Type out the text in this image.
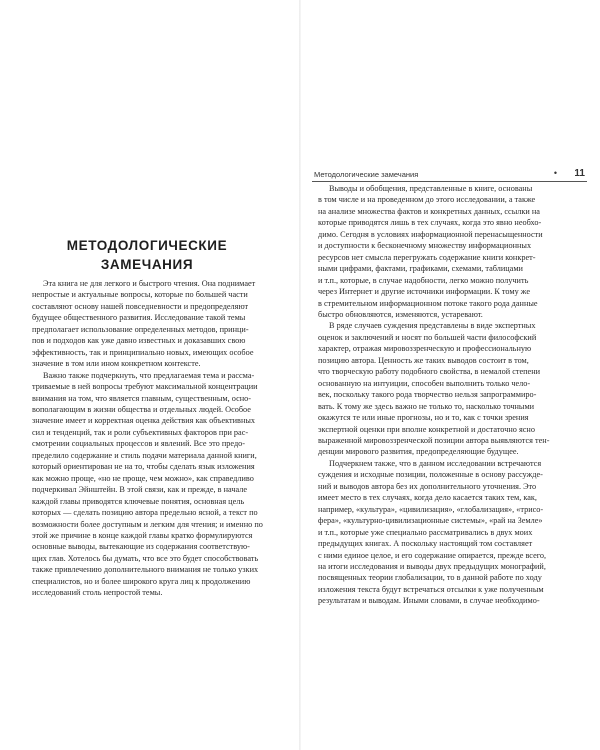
МЕТОДОЛОГИЧЕСКИЕ
ЗАМЕЧАНИЯ
Эта книга не для легкого и быстрого чтения. Она поднимает
непростые и актуальные вопросы, которые по большей части
составляют основу нашей повседневности и предопределяют
будущее общественного развития. Исследование такой темы
предполагает использование определенных методов, принци-
пов и подходов как уже давно известных и доказавших свою
эффективность, так и принципиально новых, имеющих особое
значение в том или ином конкретном контексте.
Важно также подчеркнуть, что предлагаемая тема и рассма-
триваемые в ней вопросы требуют максимальной концентрации
внимания на том, что является главным, существенным, осно-
вополагающим в жизни общества и отдельных людей. Особое
значение имеет и корректная оценка действия как объективных
сил и тенденций, так и роли субъективных факторов при рас-
смотрении социальных процессов и явлений. Все это предо-
пределило содержание и стиль подачи материала данной книги,
который ориентирован не на то, чтобы сделать язык изложения
как можно проще, «но не проще, чем можно», как справедливо
подчеркивал Эйнштейн. В этой связи, как и прежде, в начале
каждой главы приводятся ключевые понятия, основная цель
которых — сделать позицию автора предельно ясной, а текст по
возможности более доступным и легким для чтения; и именно по
этой же причине в конце каждой главы кратко формулируются
основные выводы, вытекающие из содержания соответствую-
щих глав. Хотелось бы думать, что все это будет способствовать
также привлечению дополнительного внимания не только узких
специалистов, но и более широкого круга лиц к продолжению
исследований столь непростой темы.
Методологические замечания	• 11
Выводы и обобщения, представленные в книге, основаны
в том числе и на проведенном до этого исследовании, а также
на анализе множества фактов и конкретных данных, ссылки на
которые приводятся лишь в тех случаях, когда это явно необхо-
димо. Сегодня в условиях информационной перенасыщенности
и доступности к бесконечному множеству информационных
ресурсов нет смысла перегружать содержание книги конкрет-
ными цифрами, фактами, графиками, схемами, таблицами
и т.п., которые, в случае надобности, легко можно получить
через Интернет и другие источники информации. К тому же
в стремительном информационном потоке такого рода данные
быстро обновляются, изменяются, устаревают.
В ряде случаев суждения представлены в виде экспертных
оценок и заключений и носят по большей части философский
характер, отражая мировоззренческую и профессиональную
позицию автора. Ценность же таких выводов состоит в том,
что творческую работу подобного свойства, в немалой степени
основанную на интуиции, способен выполнить только чело-
век, поскольку такого рода творчество нельзя запрограммиро-
вать. К тому же здесь важно не только то, насколько точными
окажутся те или иные прогнозы, но и то, как с точки зрения
экспертной оценки при вполне конкретной и достаточно ясно
выраженной мировоззренческой позиции автора выявляются тен-
денции мирового развития, предопределяющие будущее.
Подчеркнем также, что в данном исследовании встречаются
суждения и исходные позиции, положенные в основу рассужде-
ний и выводов автора без их дополнительного уточнения. Это
имеет место в тех случаях, когда дело касается таких тем, как,
например, «культура», «цивилизация», «глобализация», «трисо-
фера», «культурно-цивилизационные системы», «рай на Земле»
и т.п., которые уже специально рассматривались в двух моих
предыдущих книгах. А поскольку настоящий том составляет
с ними единое целое, и его содержание опирается, прежде всего,
на итоги исследования и выводы двух предыдущих монографий,
посвященных теории глобализации, то в данной работе по ходу
изложения текста будут встречаться отсылки к уже полученным
результатам и выводам. Иными словами, в случае необходимо-
